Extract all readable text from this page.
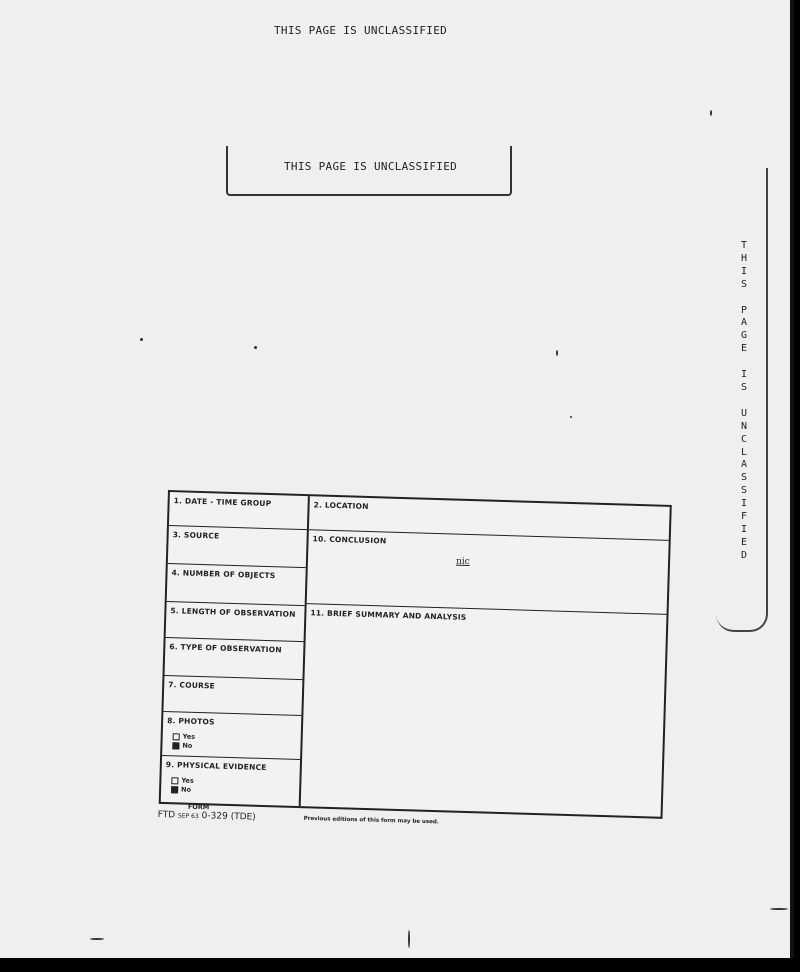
THIS PAGE IS UNCLASSIFIED
THIS PAGE IS UNCLASSIFIED
T
H
I
S

P
A
G
E

I
S

U
N
C
L
A
S
S
I
F
I
E
D
1. DATE - TIME GROUP
3. SOURCE
4. NUMBER OF OBJECTS
5. LENGTH OF OBSERVATION
6. TYPE OF OBSERVATION
7. COURSE
8. PHOTOS
Yes
No
9. PHYSICAL EVIDENCE
Yes
No
2. LOCATION
10. CONCLUSION
nic
11. BRIEF SUMMARY AND ANALYSIS
FORM
FTD SEP 63 0-329 (TDE)	Previous editions of this form may be used.
